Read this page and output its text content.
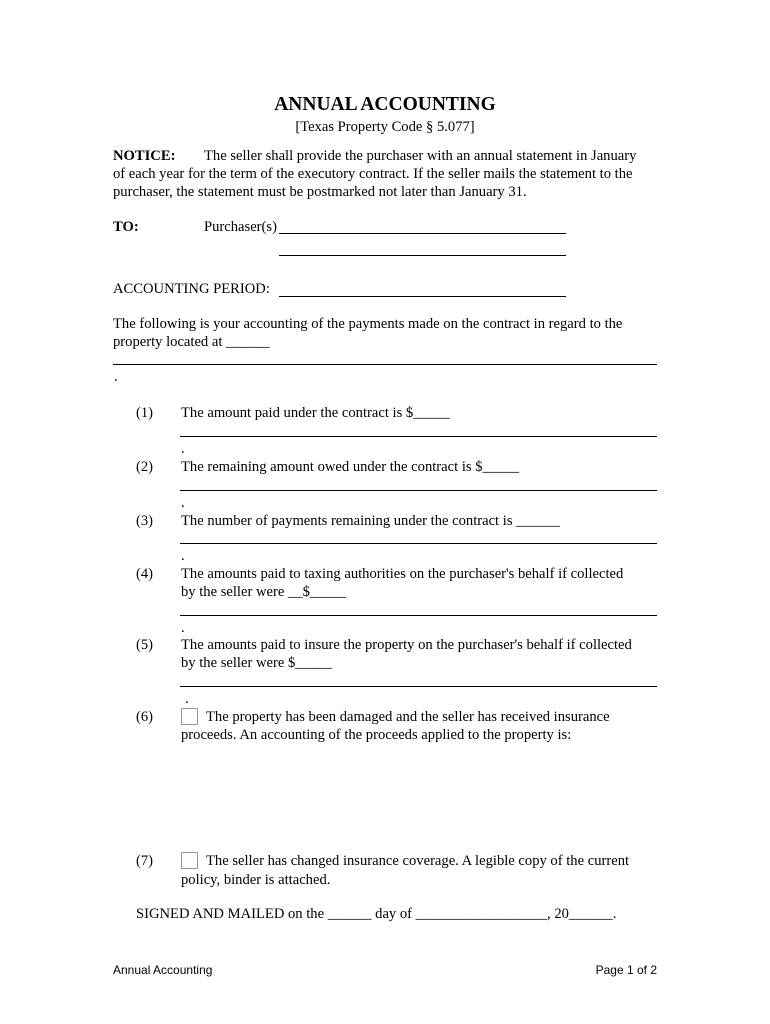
ANNUAL ACCOUNTING
[Texas Property Code § 5.077]
NOTICE: The seller shall provide the purchaser with an annual statement in January
of each year for the term of the executory contract. If the seller mails the statement to the
purchaser, the statement must be postmarked not later than January 31.
TO:	Purchaser(s)
ACCOUNTING PERIOD:
The following is your accounting of the payments made on the contract in regard to the
property located at ______
.
(1) The amount paid under the contract is $_____
.
(2) The remaining amount owed under the contract is $_____
.
(3) The number of payments remaining under the contract is ______
.
(4) The amounts paid to taxing authorities on the purchaser's behalf if collected
by the seller were __$_____
.
(5) The amounts paid to insure the property on the purchaser's behalf if collected
by the seller were $_____
.
(6)	The property has been damaged and the seller has received insurance
proceeds. An accounting of the proceeds applied to the property is:
(7)	The seller has changed insurance coverage. A legible copy of the current
policy, binder is attached.
SIGNED AND MAILED on the ______ day of __________________, 20______.
Annual Accounting	Page 1 of 2
